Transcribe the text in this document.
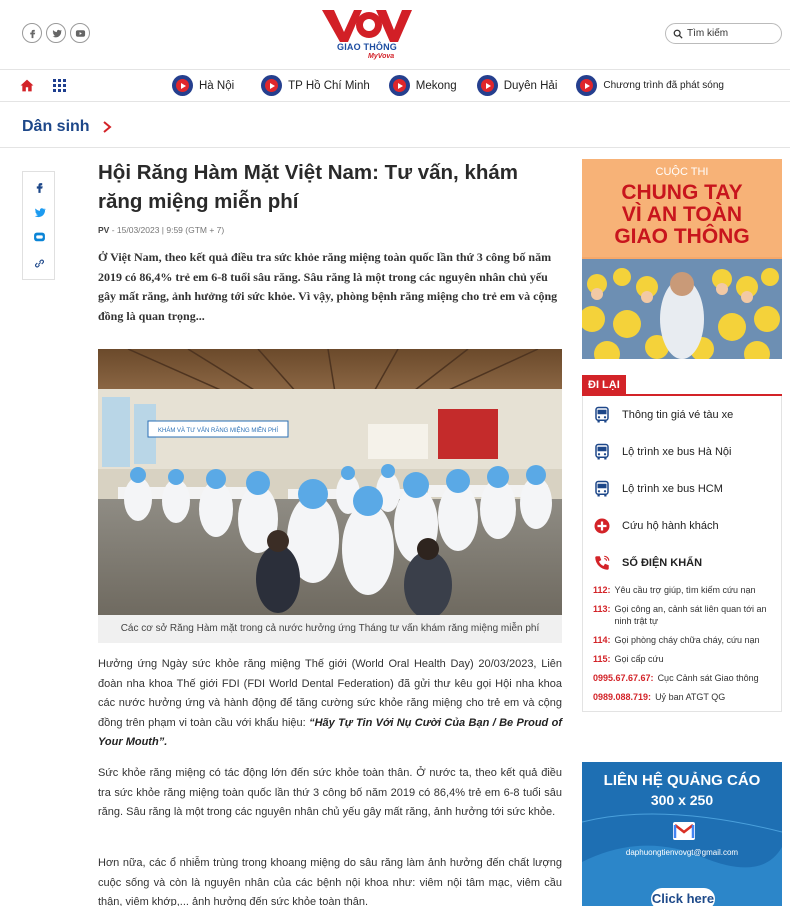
GIAO THÔNG
MyVova
Tìm kiếm
Hà Nội	TP Hồ Chí Minh	Mekong	Duyên Hải	Chương trình đã phát sóng
Dân sinh
Hội Răng Hàm Mặt Việt Nam: Tư vấn, khám răng miệng miễn phí
PV - 15/03/2023 | 9:59 (GTM + 7)

Ở Việt Nam, theo kết quả điều tra sức khỏe răng miệng toàn quốc lần thứ 3 công bố năm 2019 có 86,4% trẻ em 6-8 tuổi sâu răng. Sâu răng là một trong các nguyên nhân chủ yếu gây mất răng, ảnh hưởng tới sức khỏe. Vì vậy, phòng bệnh răng miệng cho trẻ em và cộng đồng là quan trọng...

KHÁM VÀ TƯ VẤN RĂNG MIỆNG MIỄN PHÍ
Các cơ sở Răng Hàm mặt trong cả nước hưởng ứng Tháng tư vấn khám răng miệng miễn phí

Hưởng ứng Ngày sức khỏe răng miệng Thế giới (World Oral Health Day) 20/03/2023, Liên đoàn nha khoa Thế giới FDI (FDI World Dental Federation) đã gửi thư kêu gọi Hội nha khoa các nước hưởng ứng và hành động để tăng cường sức khỏe răng miệng cho trẻ em và cộng đồng trên phạm vi toàn cầu với khẩu hiệu: “Hãy Tự Tin Với Nụ Cười Của Bạn / Be Proud of Your Mouth”.

Sức khỏe răng miệng có tác động lớn đến sức khỏe toàn thân. Ở nước ta, theo kết quả điều tra sức khỏe răng miệng toàn quốc lần thứ 3 công bố năm 2019 có 86,4% trẻ em 6-8 tuổi sâu răng. Sâu răng là một trong các nguyên nhân chủ yếu gây mất răng, ảnh hưởng tới sức khỏe.

Hơn nữa, các ổ nhiễm trùng trong khoang miệng do sâu răng làm ảnh hưởng đến chất lượng cuộc sống và còn là nguyên nhân của các bệnh nội khoa như: viêm nội tâm mạc, viêm cầu thận, viêm khớp,... ảnh hưởng đến sức khỏe toàn thân.

CUỘC THI
CHUNG TAY
VÌ AN TOÀN
GIAO THÔNG
ĐI LẠI
Thông tin giá vé tàu xe
Lộ trình xe bus Hà Nội
Lộ trình xe bus HCM
Cứu hộ hành khách
SỐ ĐIỆN KHẨN
112: Yêu cầu trợ giúp, tìm kiếm cứu nạn
113: Gọi công an, cảnh sát liên quan tới an ninh trật tự
114: Gọi phòng cháy chữa cháy, cứu nạn
115: Gọi cấp cứu
0995.67.67.67: Cục Cảnh sát Giao thông
0989.088.719: Uỷ ban ATGT QG
LIÊN HỆ QUẢNG CÁO
300 x 250
daphuongtienvovgt@gmail.com
Click here
